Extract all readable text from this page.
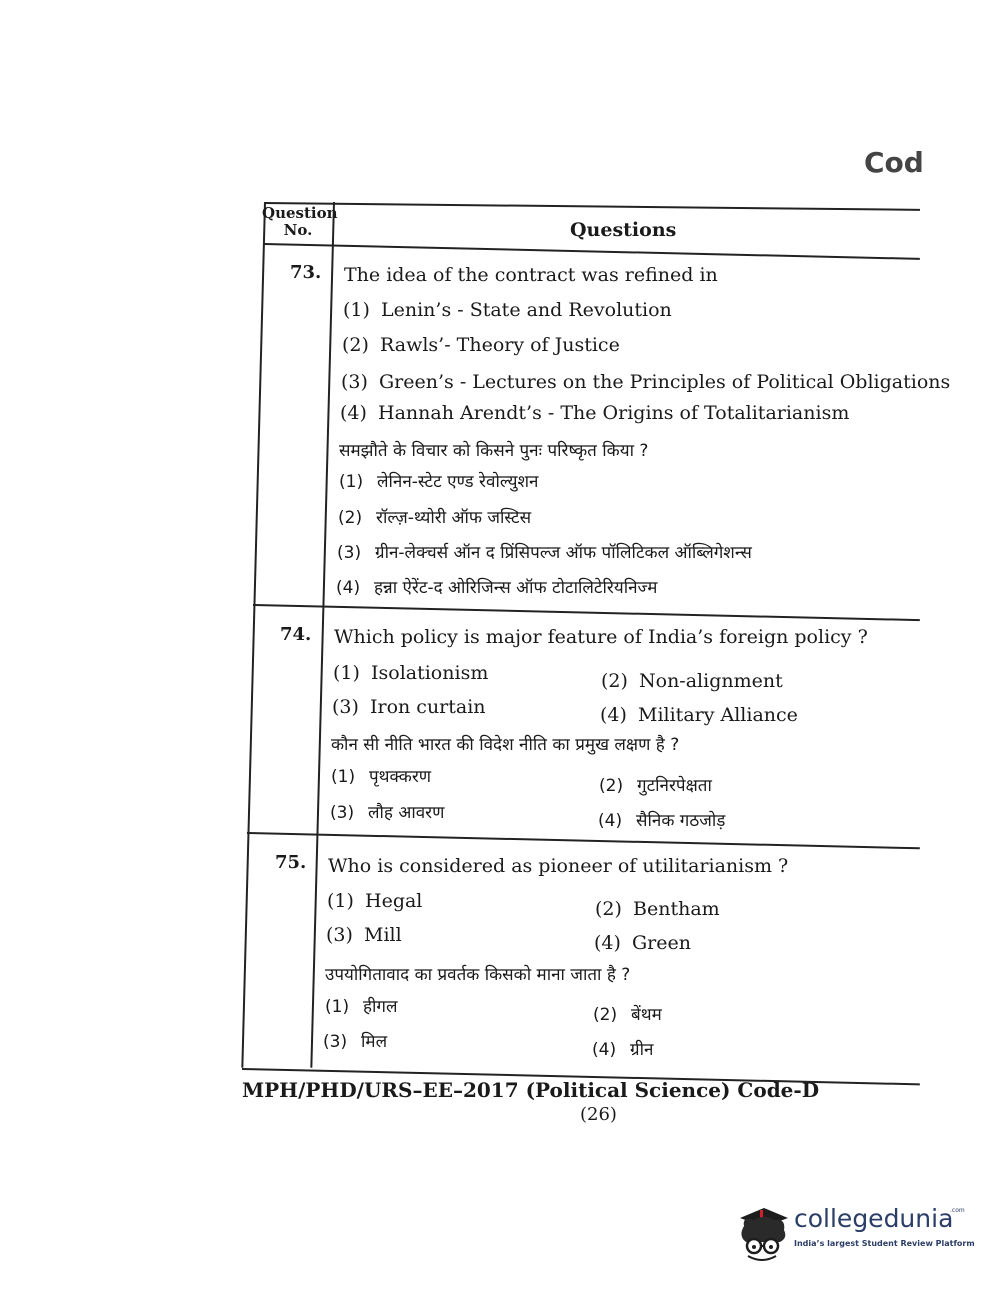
Cod
Question
No.	Questions
73. The idea of the contract was refined in
(1) Lenin’s - State and Revolution
(2) Rawls’- Theory of Justice
(3) Green’s - Lectures on the Principles of Political Obligations
(4) Hannah Arendt’s - The Origins of Totalitarianism
समझौते के विचार को किसने पुनः परिष्कृत किया ?
(1) लेनिन-स्टेट एण्ड रेवोल्युशन
(2) रॉल्ज़-थ्योरी ऑफ जस्टिस
(3) ग्रीन-लेक्चर्स ऑन द प्रिंसिपल्ज ऑफ पॉलिटिकल ऑब्लिगेशन्स
(4) हन्ना ऐरेंट-द ओरिजिन्स ऑफ टोटालिटेरियनिज्म
74. Which policy is major feature of India’s foreign policy ?
(1) Isolationism	(2) Non-alignment
(3) Iron curtain	(4) Military Alliance
कौन सी नीति भारत की विदेश नीति का प्रमुख लक्षण है ?
(1) पृथक्करण	(2) गुटनिरपेक्षता
(3) लौह आवरण	(4) सैनिक गठजोड़
75. Who is considered as pioneer of utilitarianism ?
(1) Hegal	(2) Bentham
(3) Mill	(4) Green
उपयोगितावाद का प्रवर्तक किसको माना जाता है ?
(1) हीगल	(2) बेंथम
(3) मिल	(4) ग्रीन
MPH/PHD/URS–EE–2017 (Political Science) Code-D
(26)
collegedunia
.com
India’s largest Student Review Platform
